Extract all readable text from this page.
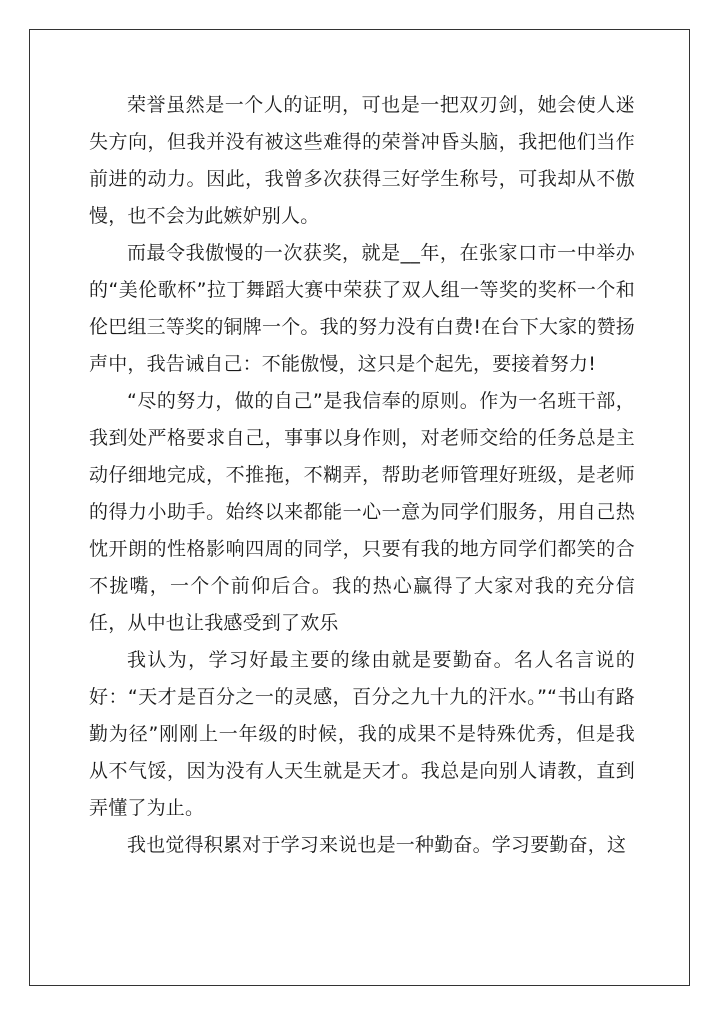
荣誉虽然是一个人的证明，可也是一把双刃剑，她会使人迷失方向，但我并没有被这些难得的荣誉冲昏头脑，我把他们当作前进的动力。因此，我曾多次获得三好学生称号，可我却从不傲慢，也不会为此嫉妒别人。

而最令我傲慢的一次获奖，就是__年，在张家口市一中举办的“美伦歌杯”拉丁舞蹈大赛中荣获了双人组一等奖的奖杯一个和伦巴组三等奖的铜牌一个。我的努力没有白费!在台下大家的赞扬声中，我告诫自己：不能傲慢，这只是个起先，要接着努力!

“尽的努力，做的自己”是我信奉的原则。作为一名班干部，我到处严格要求自己，事事以身作则，对老师交给的任务总是主动仔细地完成，不推拖，不糊弄，帮助老师管理好班级，是老师的得力小助手。始终以来都能一心一意为同学们服务，用自己热忱开朗的性格影响四周的同学，只要有我的地方同学们都笑的合不拢嘴，一个个前仰后合。我的热心赢得了大家对我的充分信任，从中也让我感受到了欢乐

我认为，学习好最主要的缘由就是要勤奋。名人名言说的好：“天才是百分之一的灵感，百分之九十九的汗水。”“书山有路勤为径”刚刚上一年级的时候，我的成果不是特殊优秀，但是我从不气馁，因为没有人天生就是天才。我总是向别人请教，直到弄懂了为止。

我也觉得积累对于学习来说也是一种勤奋。学习要勤奋，这
